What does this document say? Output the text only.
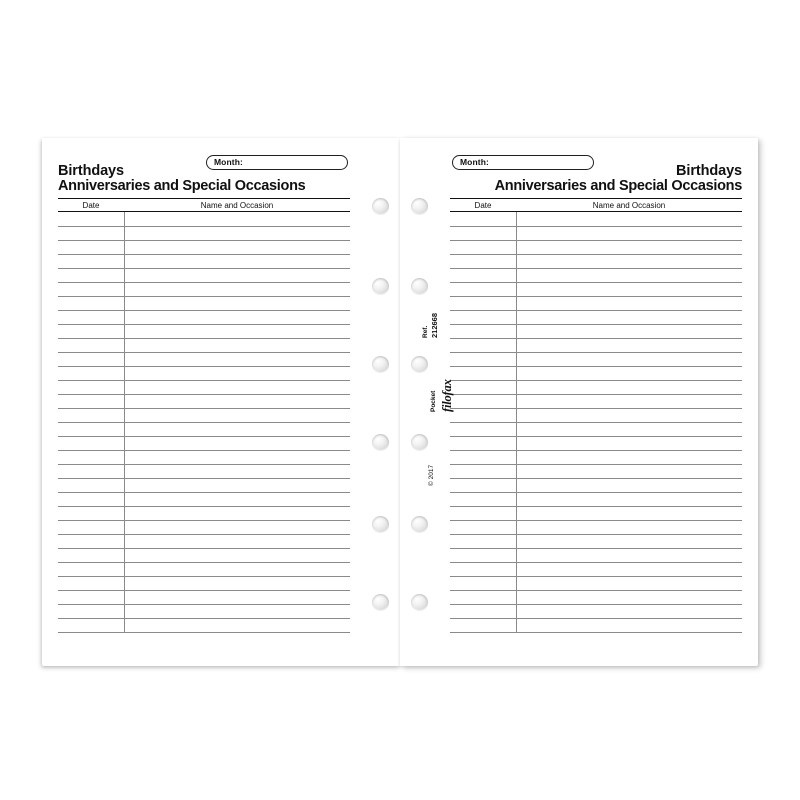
Month:
Birthdays
Anniversaries and Special Occasions
Date	Name and Occasion
Month:
Birthdays
Anniversaries and Special Occasions
Date	Name and Occasion
Ref. 212668
Pocket filofax
© 2017
